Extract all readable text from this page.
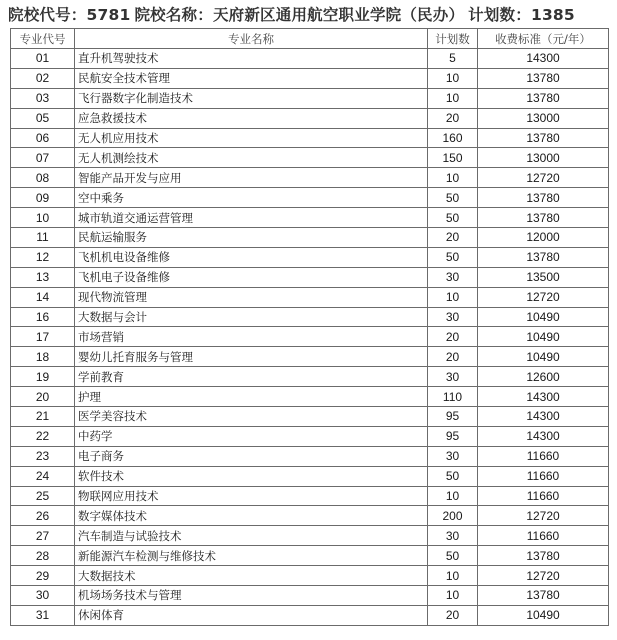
院校代号：5781 院校名称：天府新区通用航空职业学院（民办） 计划数：1385
专业代号	专业名称	计划数	收费标准（元/年）
01	直升机驾驶技术	5	14300
02	民航安全技术管理	10	13780
03	飞行器数字化制造技术	10	13780
05	应急救援技术	20	13000
06	无人机应用技术	160	13780
07	无人机测绘技术	150	13000
08	智能产品开发与应用	10	12720
09	空中乘务	50	13780
10	城市轨道交通运营管理	50	13780
11	民航运输服务	20	12000
12	飞机机电设备维修	50	13780
13	飞机电子设备维修	30	13500
14	现代物流管理	10	12720
16	大数据与会计	30	10490
17	市场营销	20	10490
18	婴幼儿托育服务与管理	20	10490
19	学前教育	30	12600
20	护理	110	14300
21	医学美容技术	95	14300
22	中药学	95	14300
23	电子商务	30	11660
24	软件技术	50	11660
25	物联网应用技术	10	11660
26	数字媒体技术	200	12720
27	汽车制造与试验技术	30	11660
28	新能源汽车检测与维修技术	50	13780
29	大数据技术	10	12720
30	机场场务技术与管理	10	13780
31	休闲体育	20	10490
